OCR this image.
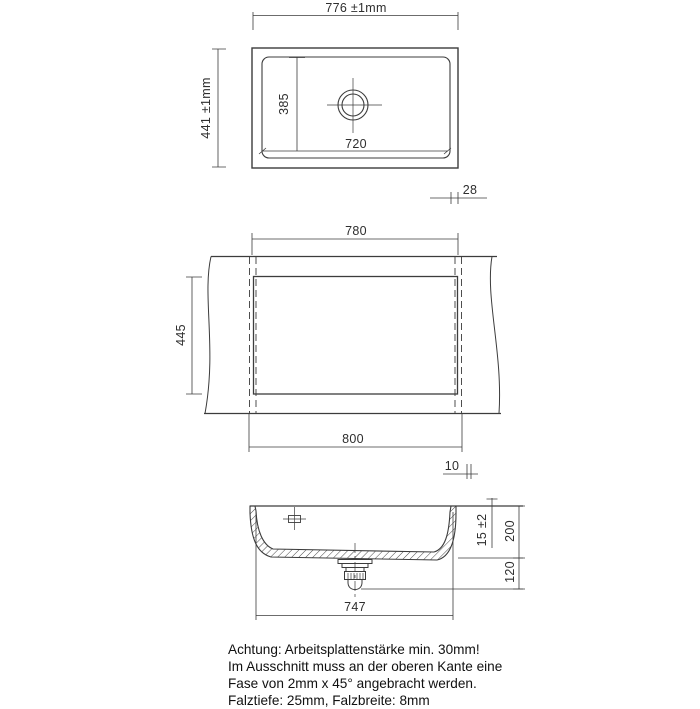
776 ±1mm
441 ±1mm	385
720
28
780
445
800
10
15 ±2 200
120
747
Achtung: Arbeitsplattenstärke min. 30mm!
Im Ausschnitt muss an der oberen Kante eine
Fase von 2mm x 45° angebracht werden.
Falztiefe: 25mm, Falzbreite: 8mm
